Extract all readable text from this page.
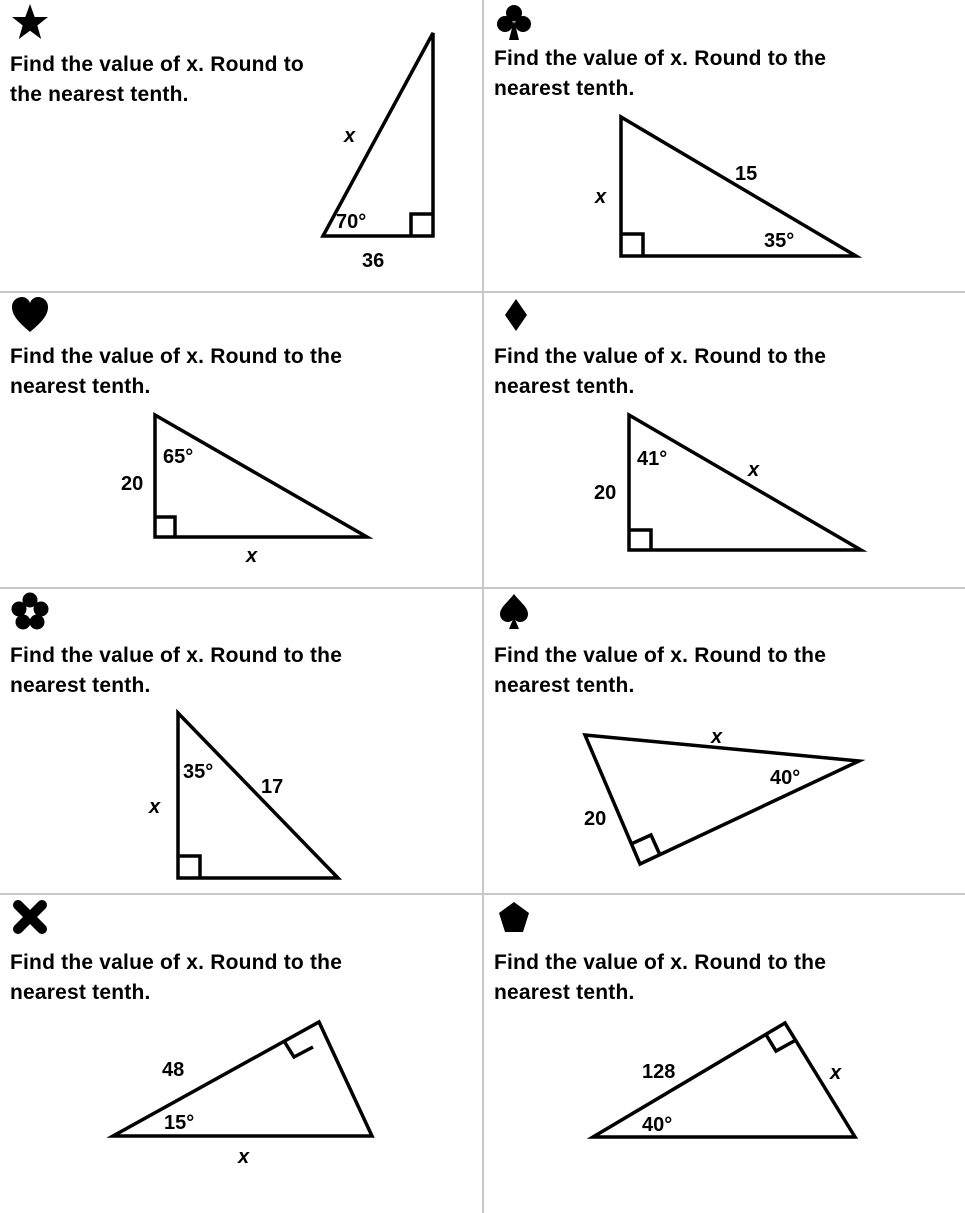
Find the value of x. Round to
the nearest tenth.
x
70°
36
Find the value of x. Round to the
nearest tenth.
15
x
35°
Find the value of x. Round to the
nearest tenth.
65°
20
x
Find the value of x. Round to the
nearest tenth.
41°	x
20
Find the value of x. Round to the
nearest tenth.
35°
17
x
Find the value of x. Round to the
nearest tenth.
x
40°
20
Find the value of x. Round to the
nearest tenth.
48
15°
x
Find the value of x. Round to the
nearest tenth.
128	x
40°
